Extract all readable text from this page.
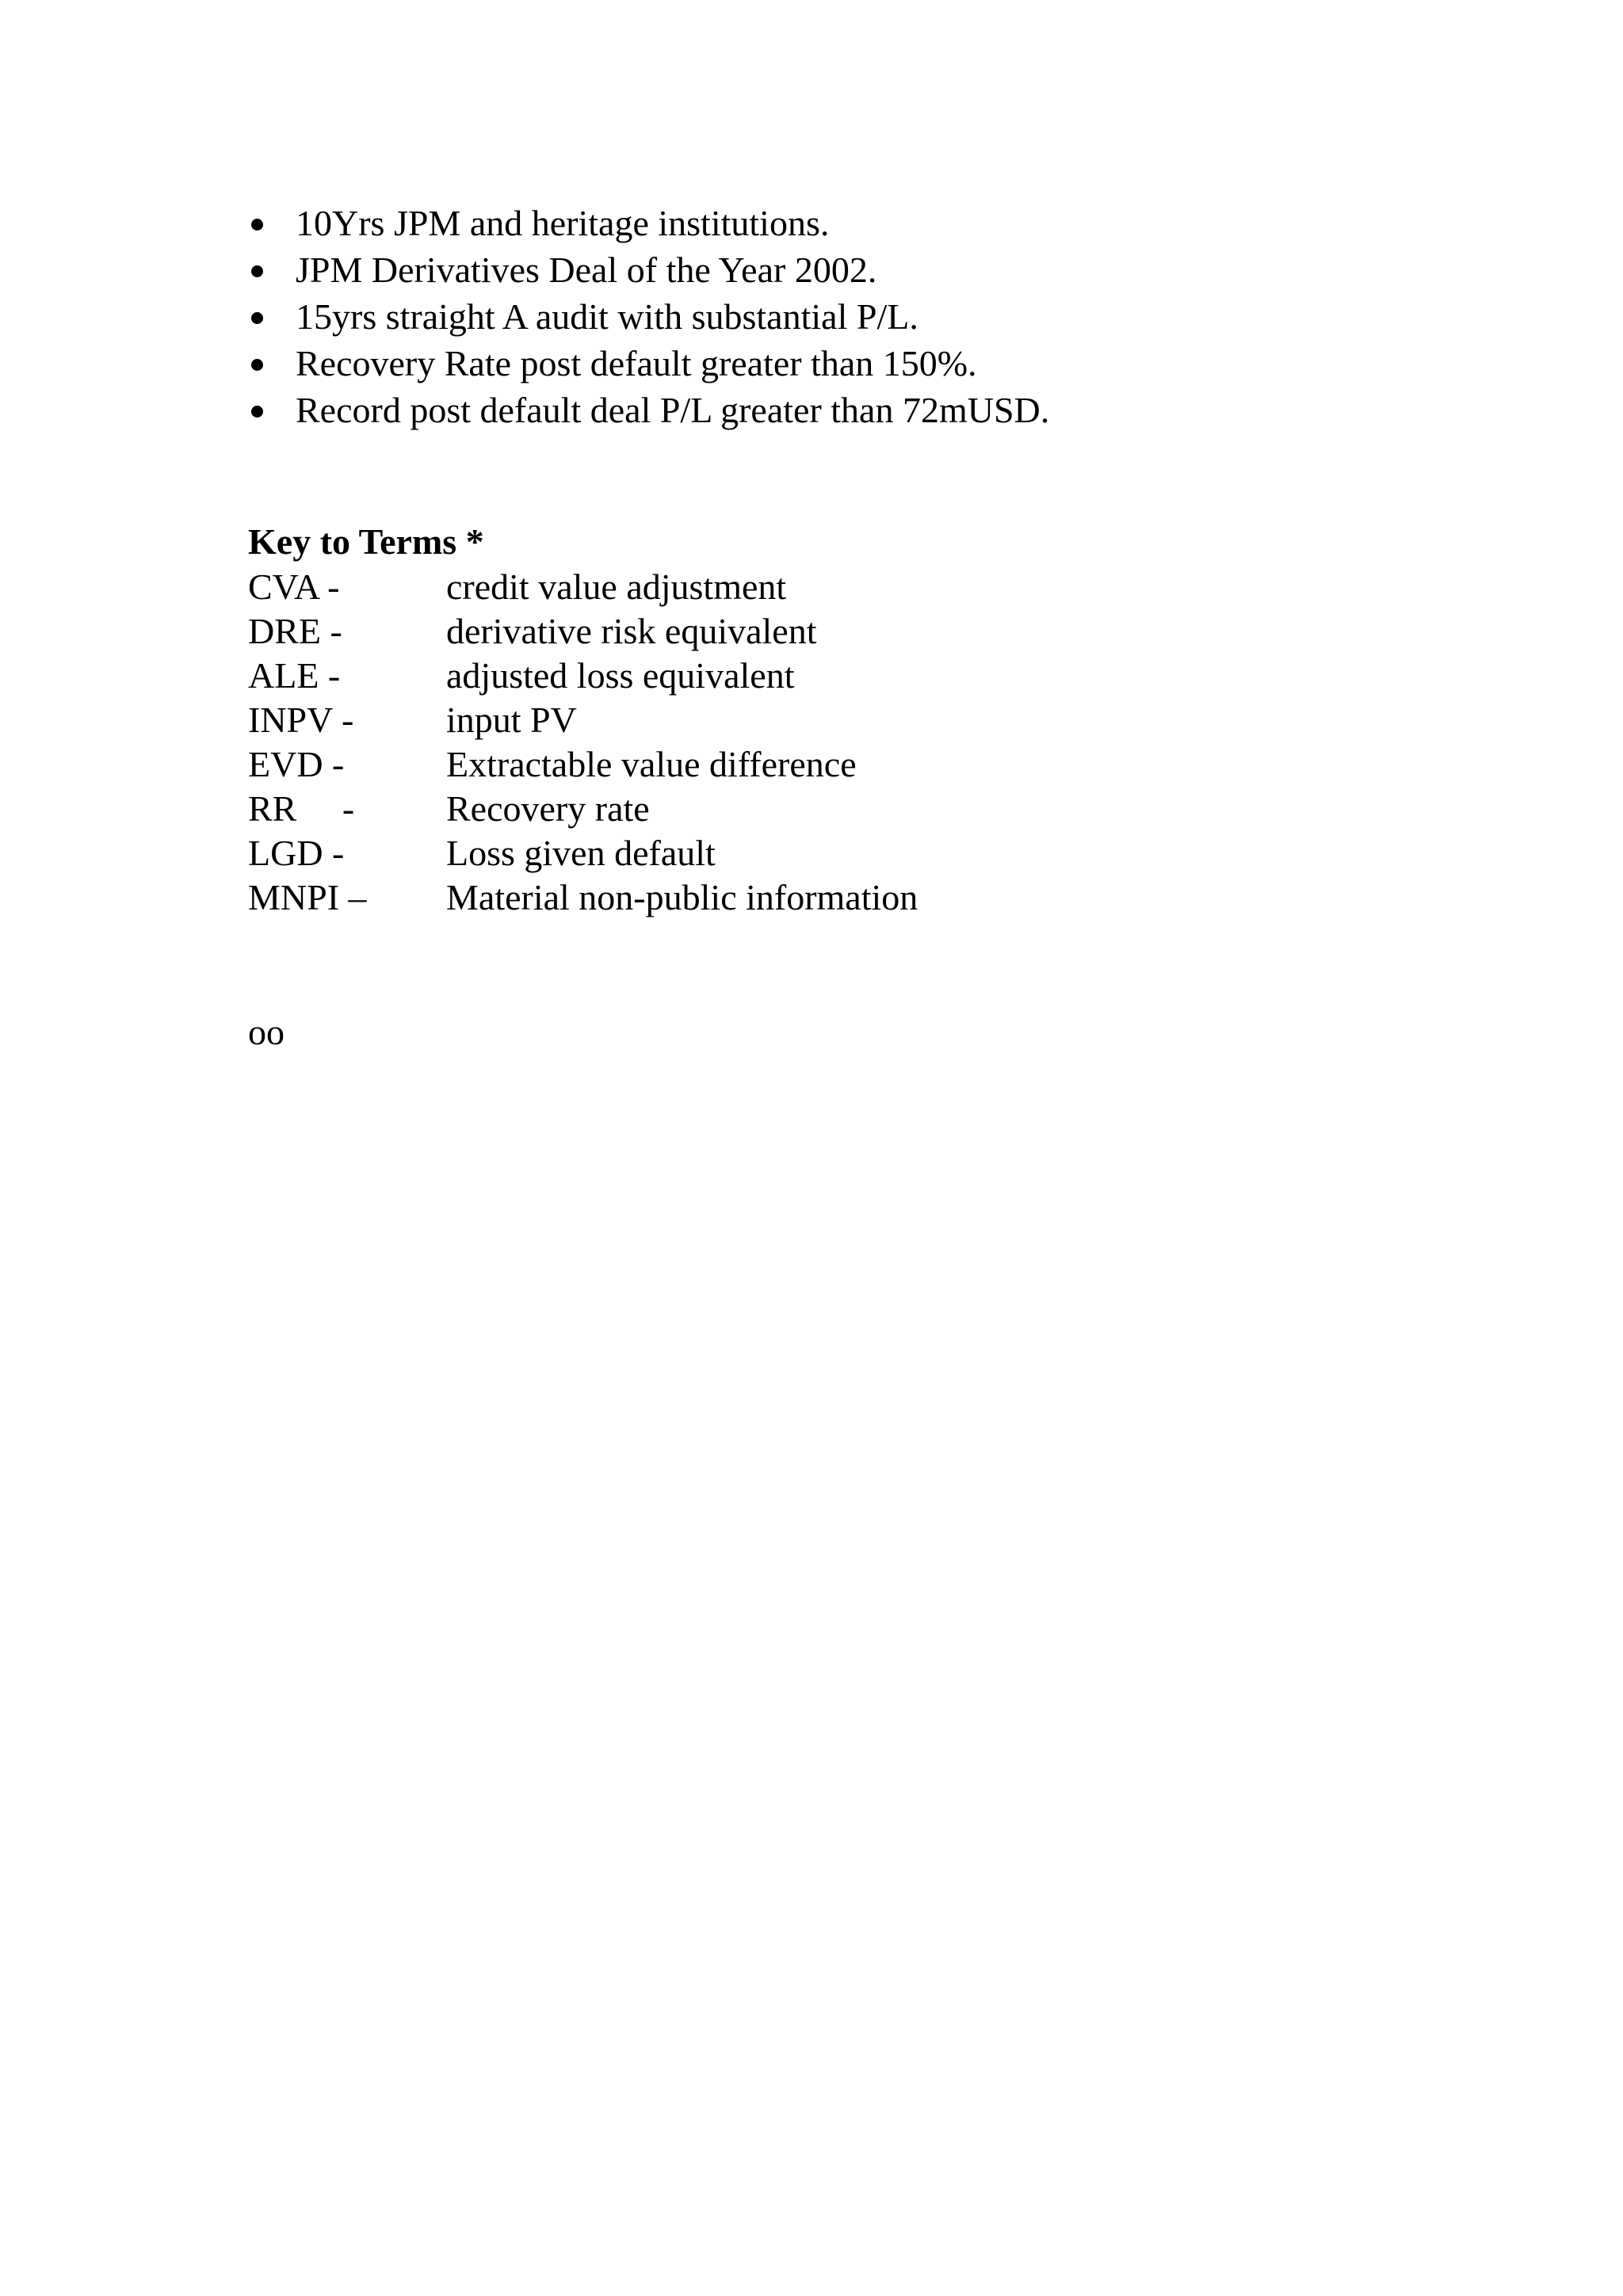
10Yrs JPM and heritage institutions.
JPM Derivatives Deal of the Year 2002.
15yrs straight A audit with substantial P/L.
Recovery Rate post default greater than 150%.
Record post default deal P/L greater than 72mUSD.
Key to Terms *
CVA -	credit value adjustment
DRE -	derivative risk equivalent
ALE -	adjusted loss equivalent
INPV -	input PV
EVD -	Extractable value difference
RR     -	Recovery rate
LGD -	Loss given default
MNPI – Material non-public information
oo
